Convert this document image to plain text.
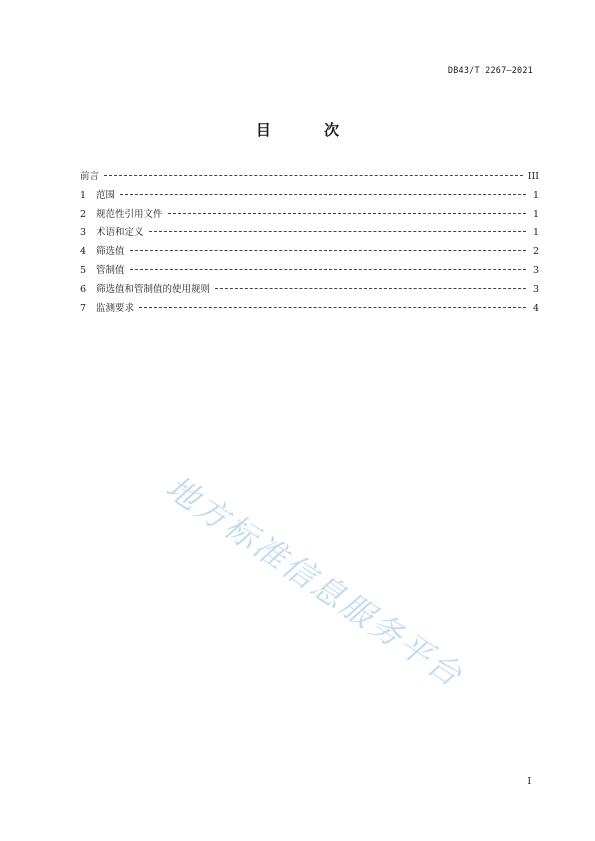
DB43/T 2267—2021
目 次
前言	III
1	范围	1
2	规范性引用文件	1
3	术语和定义	1
4	筛选值	2
5	管制值	3
6	筛选值和管制值的使用规则	3
7	监测要求	4
地方标准信息服务平台
I
